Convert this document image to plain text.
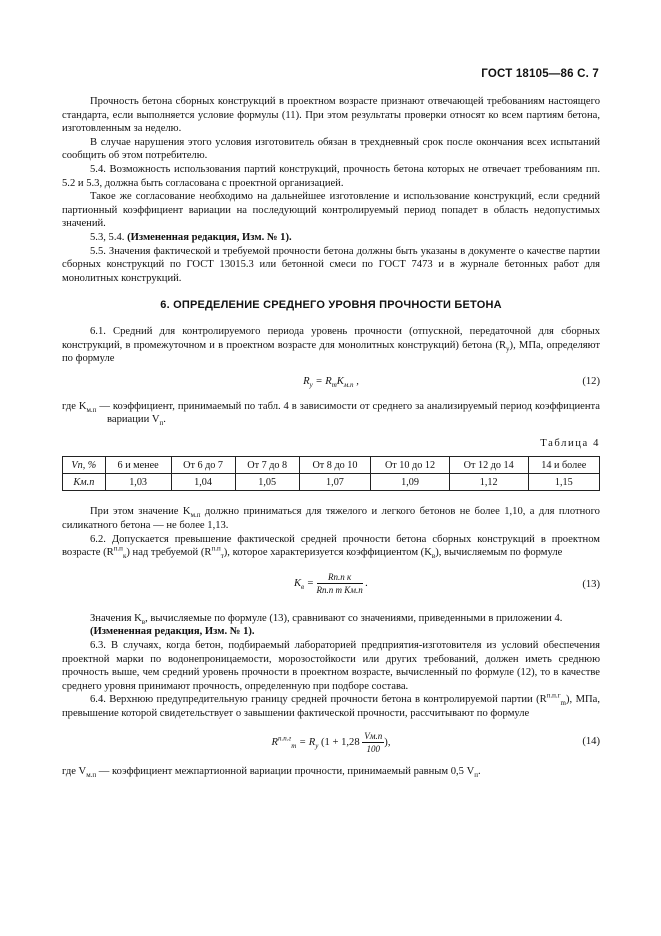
ГОСТ 18105—86 С. 7

Прочность бетона сборных конструкций в проектном возрасте признают отвечающей требованиям настоящего стандарта, если выполняется условие формулы (11). При этом результаты проверки относят ко всем партиям бетона, изготовленным за неделю.

В случае нарушения этого условия изготовитель обязан в трехдневный срок после окончания всех испытаний сообщить об этом потребителю.

5.4. Возможность использования партий конструкций, прочность бетона которых не отвечает требованиям пп. 5.2 и 5.3, должна быть согласована с проектной организацией.

Такое же согласование необходимо на дальнейшее изготовление и использование конструкций, если средний партионный коэффициент вариации на последующий контролируемый период попадет в область недопустимых значений.

5.3, 5.4. (Измененная редакция, Изм. № 1).

5.5. Значения фактической и требуемой прочности бетона должны быть указаны в документе о качестве партии сборных конструкций по ГОСТ 13015.3 или бетонной смеси по ГОСТ 7473 и в журнале бетонных работ для монолитных конструкций.

6. ОПРЕДЕЛЕНИЕ СРЕДНЕГО УРОВНЯ ПРОЧНОСТИ БЕТОНА

6.1. Средний для контролируемого периода уровень прочности (отпускной, передаточной для сборных конструкций, в промежуточном и в проектном возрасте для монолитных конструкций) бетона $(R_у)$, МПа, определяют по формуле

$R_у = R_тK_{м.п}$ ,	(12)

где $K_{м.п}$ — коэффициент, принимаемый по табл. 4 в зависимости от среднего за анализируемый период коэффициента вариации $V_п$.

Таблица 4
Vп, %	6 и менее	От 6 до 7	От 7 до 8	От 8 до 10	От 10 до 12	От 12 до 14	14 и более
Kм.п	1,03	1,04	1,05	1,07	1,09	1,12	1,15

При этом значение $K_{м.п}$ должно приниматься для тяжелого и легкого бетонов не более 1,10, а для плотного силикатного бетона — не более 1,13.

6.2. Допускается превышение фактической средней прочности бетона сборных конструкций в проектном возрасте $(R^{п.п}_к)$ над требуемой $(R^{п.п}_т)$, которое характеризуется коэффициентом $(K_в)$, вычисляемым по формуле

$K_в = \frac{\text{Rп.п к}}{\text{Rп.п т Kм.п}}$ .	(13)

Значения $K_в$, вычисляемые по формуле (13), сравнивают со значениями, приведенными в приложении 4.

(Измененная редакция, Изм. № 1).

6.3. В случаях, когда бетон, подбираемый лабораторией предприятия-изготовителя из условий обеспечения проектной марки по водонепроницаемости, морозостойкости или других требований, должен иметь среднюю прочность выше, чем средний уровень прочности в проектном возрасте, вычисленный по формуле (12), то в качестве среднего уровня принимают прочность, определенную при подборе состава.

6.4. Верхнюю предупредительную границу средней прочности бетона в контролируемой партии $(R^{п.п.г}_m)$, МПа, превышение которой свидетельствует о завышении фактической прочности, рассчитывают по формуле

$R^{п.п.г}_m = R_у$ ($1 + 1,28 \frac{Vм.п}{100}$ ),	(14)

где $V_{м.п}$ — коэффициент межпартионной вариации прочности, принимаемый равным 0,5 $V_п$.
